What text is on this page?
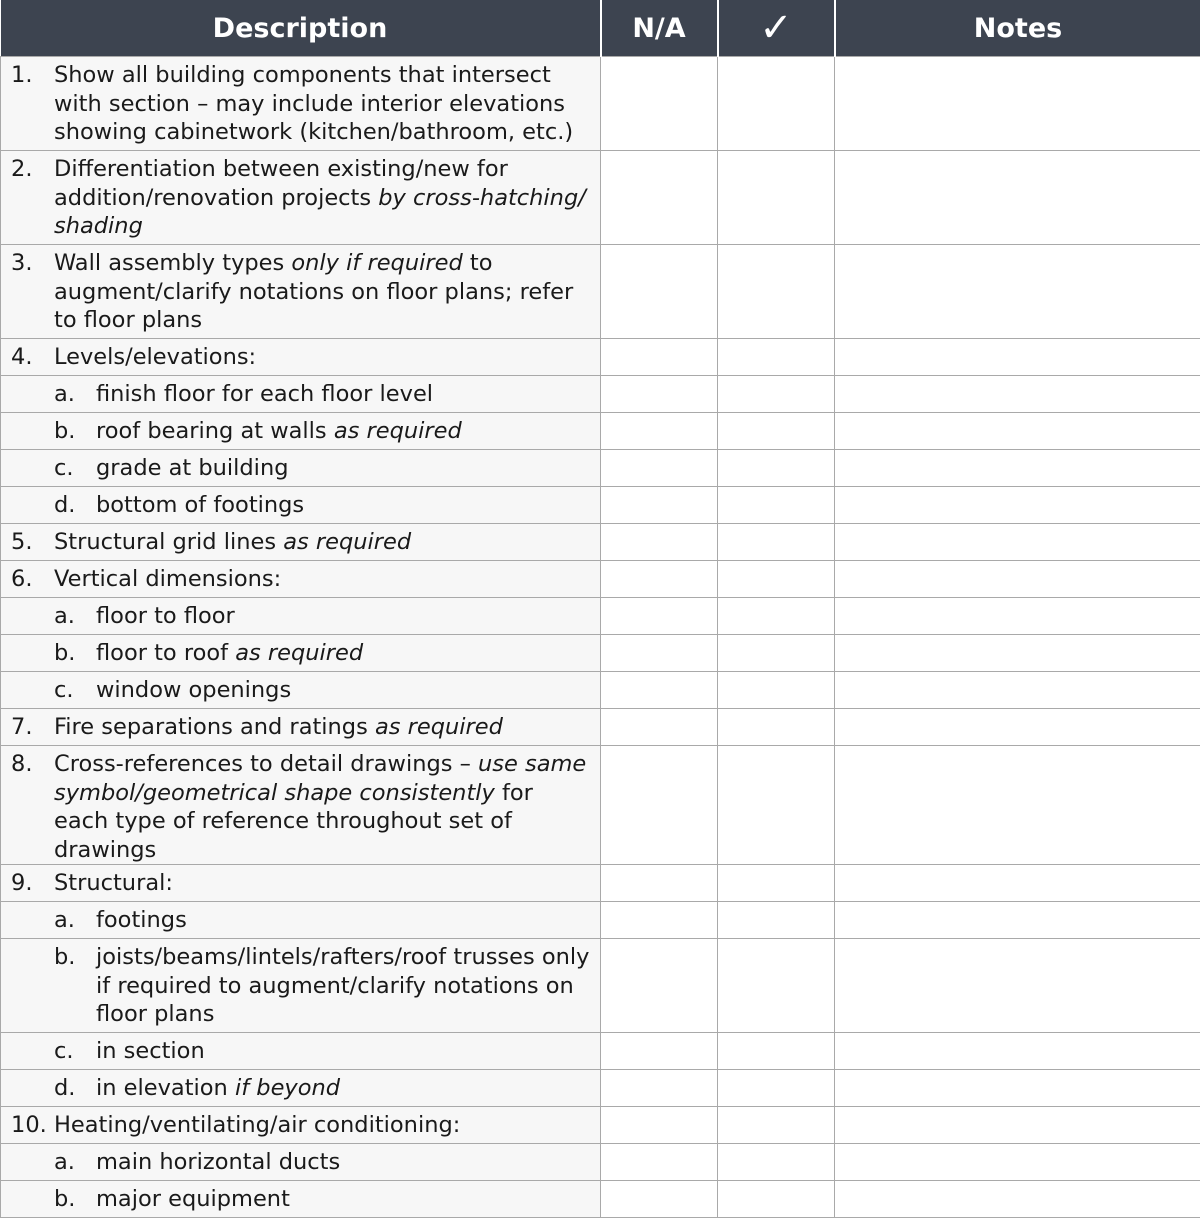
Description	N/A	✓	Notes

1. Show all building components that intersect with section – may include interior elevations showing cabinetwork (kitchen/bathroom, etc.)			

2. Differentiation between existing/new for addition/renovation projects by cross-hatching/ shading			

3. Wall assembly types only if required to augment/clarify notations on floor plans; refer to floor plans			

4. Levels/elevations:			

a. finish floor for each floor level			

b. roof bearing at walls as required			

c. grade at building			

d. bottom of footings			

5. Structural grid lines as required			

6. Vertical dimensions:			

a. floor to floor			

b. floor to roof as required			

c. window openings			

7. Fire separations and ratings as required			

8. Cross-references to detail drawings – use same symbol/geometrical shape consistently for each type of reference throughout set of drawings			

9. Structural:			

a. footings			

b. joists/beams/lintels/rafters/roof trusses only if required to augment/clarify notations on floor plans			

c. in section			

d. in elevation if beyond			

10. Heating/ventilating/air conditioning:			

a. main horizontal ducts			

b. major equipment			
